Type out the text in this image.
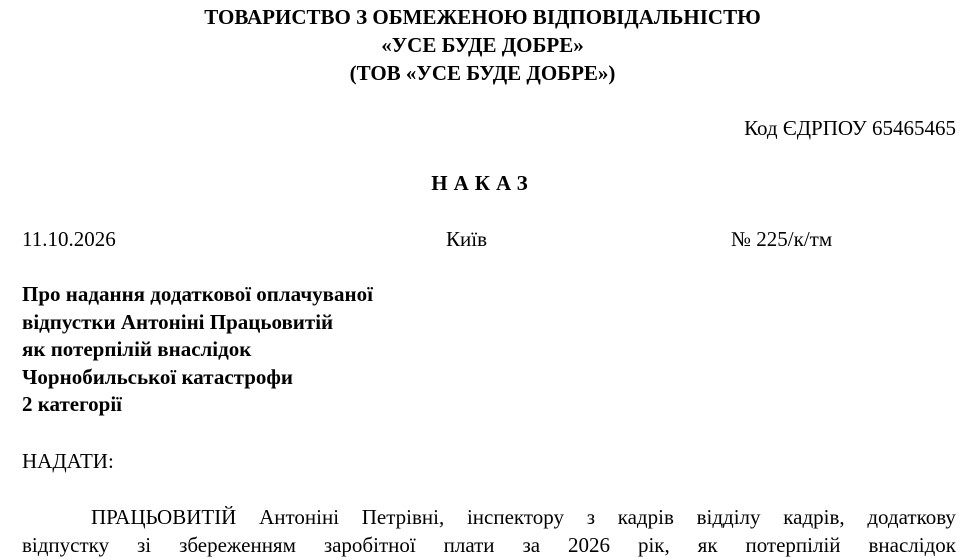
ТОВАРИСТВО З ОБМЕЖЕНОЮ ВІДПОВІДАЛЬНІСТЮ
«УСЕ БУДЕ ДОБРЕ»
(ТОВ «УСЕ БУДЕ ДОБРЕ»)
Код ЄДРПОУ 65465465
НАКАЗ
11.10.2026	Київ	№ 225/к/тм
Про надання додаткової оплачуваної
відпустки Антоніні Працьовитій
як потерпілій внаслідок
Чорнобильської катастрофи
2 категорії
НАДАТИ:
ПРАЦЬОВИТІЙ Антоніні Петрівні, інспектору з кадрів відділу кадрів, додаткову
відпустку зі збереженням заробітної плати за 2026 рік, як потерпілій внаслідок
